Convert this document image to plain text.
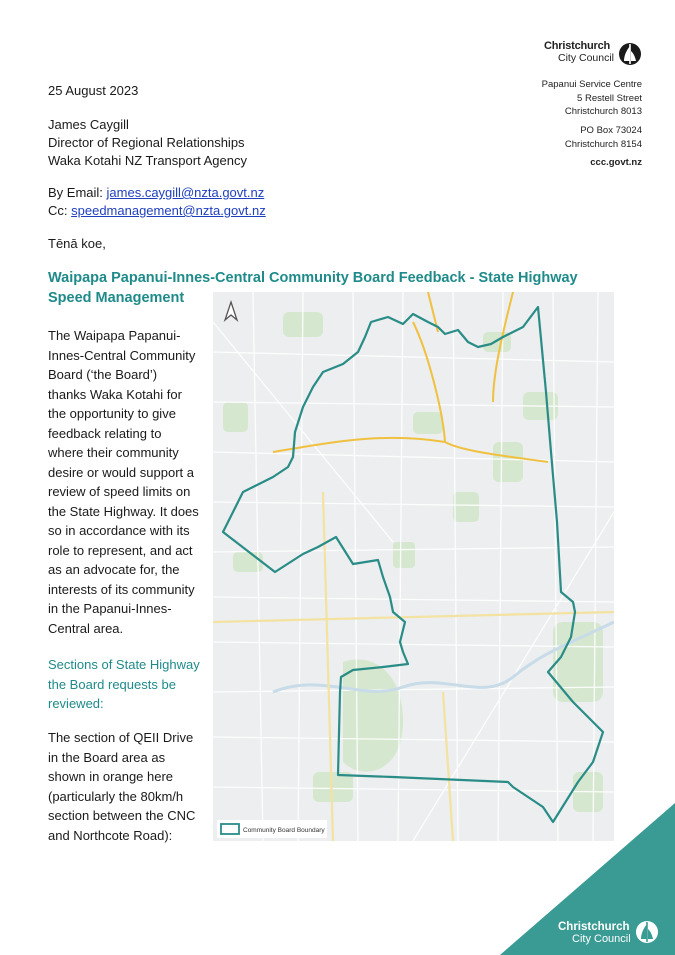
Christchurch
City Council
Papanui Service Centre
5 Restell Street
Christchurch 8013
PO Box 73024
Christchurch 8154
ccc.govt.nz
25 August 2023
James Caygill
Director of Regional Relationships
Waka Kotahi NZ Transport Agency
By Email: james.caygill@nzta.govt.nz
Cc: speedmanagement@nzta.govt.nz
Tēnā koe,
Waipapa Papanui-Innes-Central Community Board Feedback - State Highway
Speed Management
The Waipapa Papanui-
Innes-Central Community
Board (‘the Board’)
thanks Waka Kotahi for
the opportunity to give
feedback relating to
where their community
desire or would support a
review of speed limits on
the State Highway. It does
so in accordance with its
role to represent, and act
as an advocate for, the
interests of its community
in the Papanui-Innes-
Central area.
Sections of State Highway
the Board requests be
reviewed:
The section of QEII Drive
in the Board area as
shown in orange here
(particularly the 80km/h
section between the CNC
and Northcote Road):	Community Board Boundary
Christchurch
City Council
